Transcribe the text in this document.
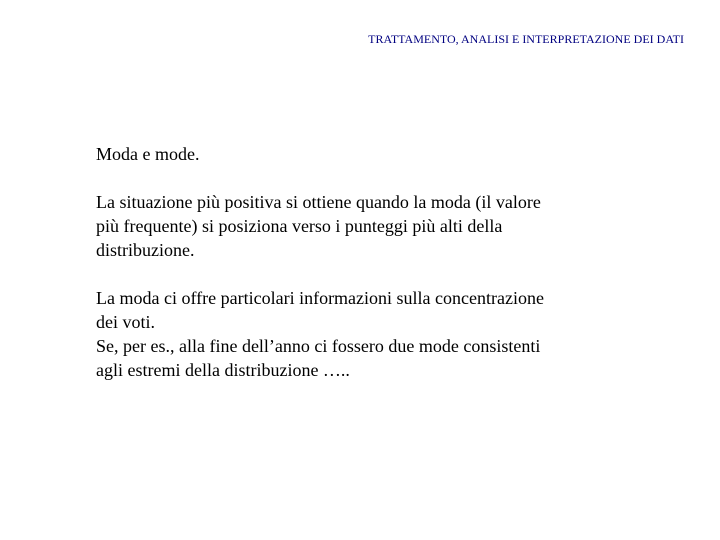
TRATTAMENTO, ANALISI E INTERPRETAZIONE DEI DATI

Moda e mode.

La situazione più positiva si ottiene quando la moda (il valore

più frequente) si posiziona verso i punteggi più alti della

distribuzione.

La moda ci offre particolari informazioni sulla concentrazione

dei voti.

Se, per es., alla fine dell’anno ci fossero due mode consistenti

agli estremi della distribuzione …..
